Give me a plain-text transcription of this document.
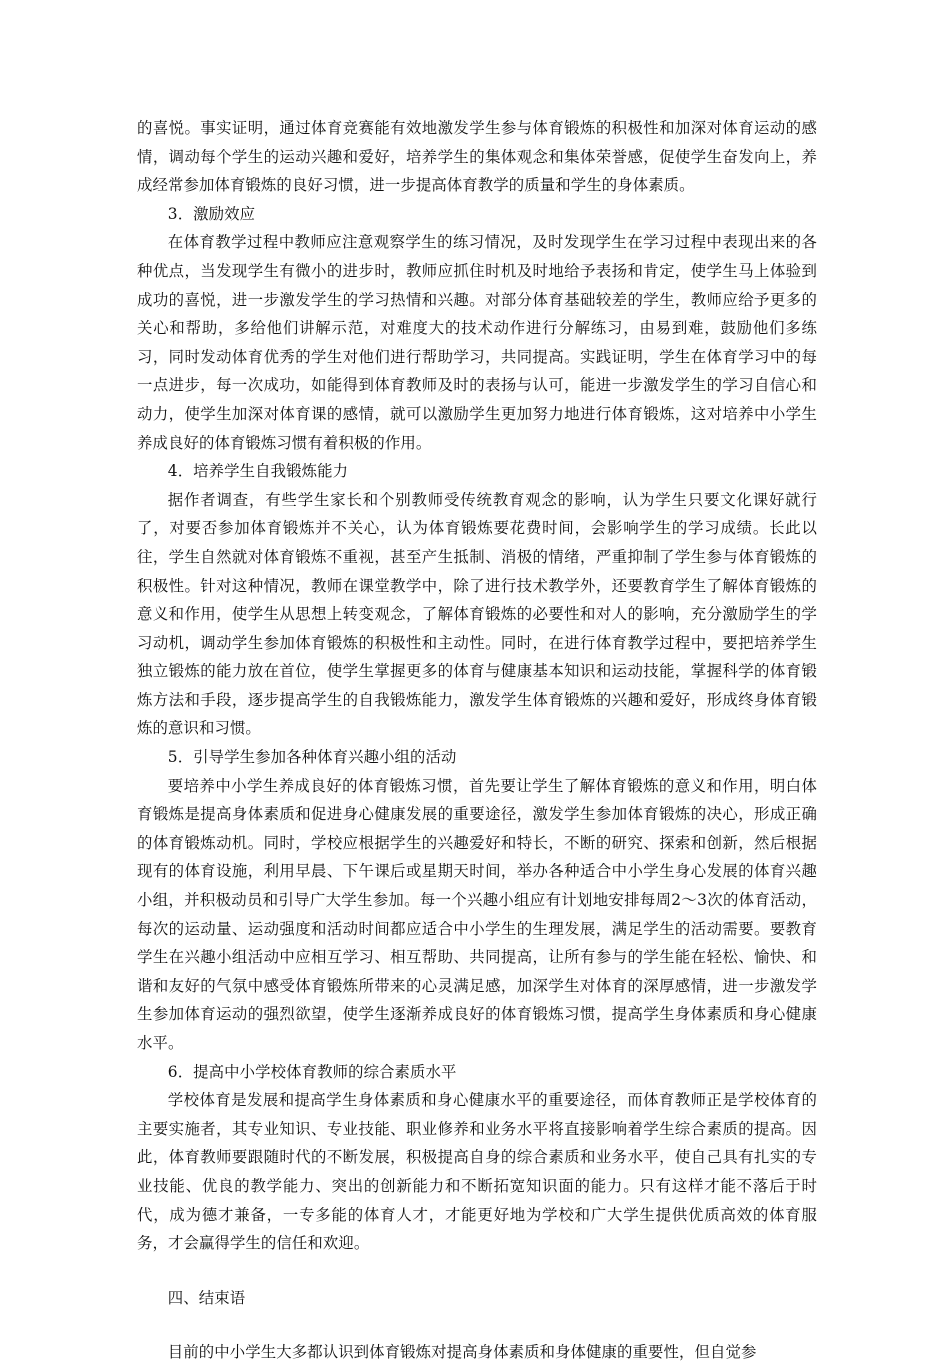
的喜悦。事实证明，通过体育竞赛能有效地激发学生参与体育锻炼的积极性和加深对体育运动的感情，调动每个学生的运动兴趣和爱好，培养学生的集体观念和集体荣誉感，促使学生奋发向上，养成经常参加体育锻炼的良好习惯，进一步提高体育教学的质量和学生的身体素质。

3．激励效应

在体育教学过程中教师应注意观察学生的练习情况，及时发现学生在学习过程中表现出来的各种优点，当发现学生有微小的进步时，教师应抓住时机及时地给予表扬和肯定，使学生马上体验到成功的喜悦，进一步激发学生的学习热情和兴趣。对部分体育基础较差的学生，教师应给予更多的关心和帮助，多给他们讲解示范，对难度大的技术动作进行分解练习，由易到难，鼓励他们多练习，同时发动体育优秀的学生对他们进行帮助学习，共同提高。实践证明，学生在体育学习中的每一点进步，每一次成功，如能得到体育教师及时的表扬与认可，能进一步激发学生的学习自信心和动力，使学生加深对体育课的感情，就可以激励学生更加努力地进行体育锻炼，这对培养中小学生养成良好的体育锻炼习惯有着积极的作用。

4．培养学生自我锻炼能力

据作者调查，有些学生家长和个别教师受传统教育观念的影响，认为学生只要文化课好就行了，对要否参加体育锻炼并不关心，认为体育锻炼要花费时间，会影响学生的学习成绩。长此以往，学生自然就对体育锻炼不重视，甚至产生抵制、消极的情绪，严重抑制了学生参与体育锻炼的积极性。针对这种情况，教师在课堂教学中，除了进行技术教学外，还要教育学生了解体育锻炼的意义和作用，使学生从思想上转变观念，了解体育锻炼的必要性和对人的影响，充分激励学生的学习动机，调动学生参加体育锻炼的积极性和主动性。同时，在进行体育教学过程中，要把培养学生独立锻炼的能力放在首位，使学生掌握更多的体育与健康基本知识和运动技能，掌握科学的体育锻炼方法和手段，逐步提高学生的自我锻炼能力，激发学生体育锻炼的兴趣和爱好，形成终身体育锻炼的意识和习惯。

5．引导学生参加各种体育兴趣小组的活动

要培养中小学生养成良好的体育锻炼习惯，首先要让学生了解体育锻炼的意义和作用，明白体育锻炼是提高身体素质和促进身心健康发展的重要途径，激发学生参加体育锻炼的决心，形成正确的体育锻炼动机。同时，学校应根据学生的兴趣爱好和特长，不断的研究、探索和创新，然后根据现有的体育设施，利用早晨、下午课后或星期天时间，举办各种适合中小学生身心发展的体育兴趣小组，并积极动员和引导广大学生参加。每一个兴趣小组应有计划地安排每周2～3次的体育活动，每次的运动量、运动强度和活动时间都应适合中小学生的生理发展，满足学生的活动需要。要教育学生在兴趣小组活动中应相互学习、相互帮助、共同提高，让所有参与的学生能在轻松、愉快、和谐和友好的气氛中感受体育锻炼所带来的心灵满足感，加深学生对体育的深厚感情，进一步激发学生参加体育运动的强烈欲望，使学生逐渐养成良好的体育锻炼习惯，提高学生身体素质和身心健康水平。

6．提高中小学校体育教师的综合素质水平

学校体育是发展和提高学生身体素质和身心健康水平的重要途径，而体育教师正是学校体育的主要实施者，其专业知识、专业技能、职业修养和业务水平将直接影响着学生综合素质的提高。因此，体育教师要跟随时代的不断发展，积极提高自身的综合素质和业务水平，使自己具有扎实的专业技能、优良的教学能力、突出的创新能力和不断拓宽知识面的能力。只有这样才能不落后于时代，成为德才兼备，一专多能的体育人才，才能更好地为学校和广大学生提供优质高效的体育服务，才会赢得学生的信任和欢迎。

四、结束语

目前的中小学生大多都认识到体育锻炼对提高身体素质和身体健康的重要性，但自觉参
